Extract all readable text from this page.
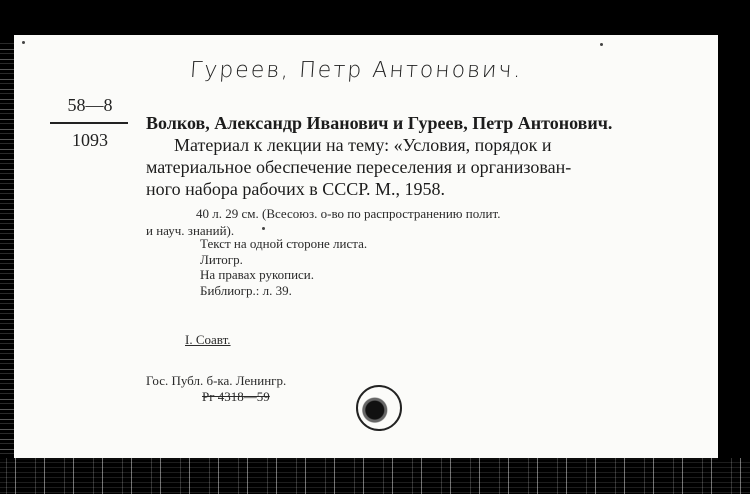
Гуреев, Петр Антонович.
58—8
1093
Волков, Александр Иванович и Гуреев, Петр Антонович.
Материал к лекции на тему: «Условия, порядок и
материальное обеспечение переселения и организован-
ного набора рабочих в СССР. М., 1958.
40 л. 29 см. (Всесоюз. о-во по распространению полит.
и науч. знаний).
Текст на одной стороне листа.
Литогр.
На правах рукописи.
Библиогр.: л. 39.
I. Соавт.
Гос. Публ. б-ка. Ленингр.
Рг 4318—59
